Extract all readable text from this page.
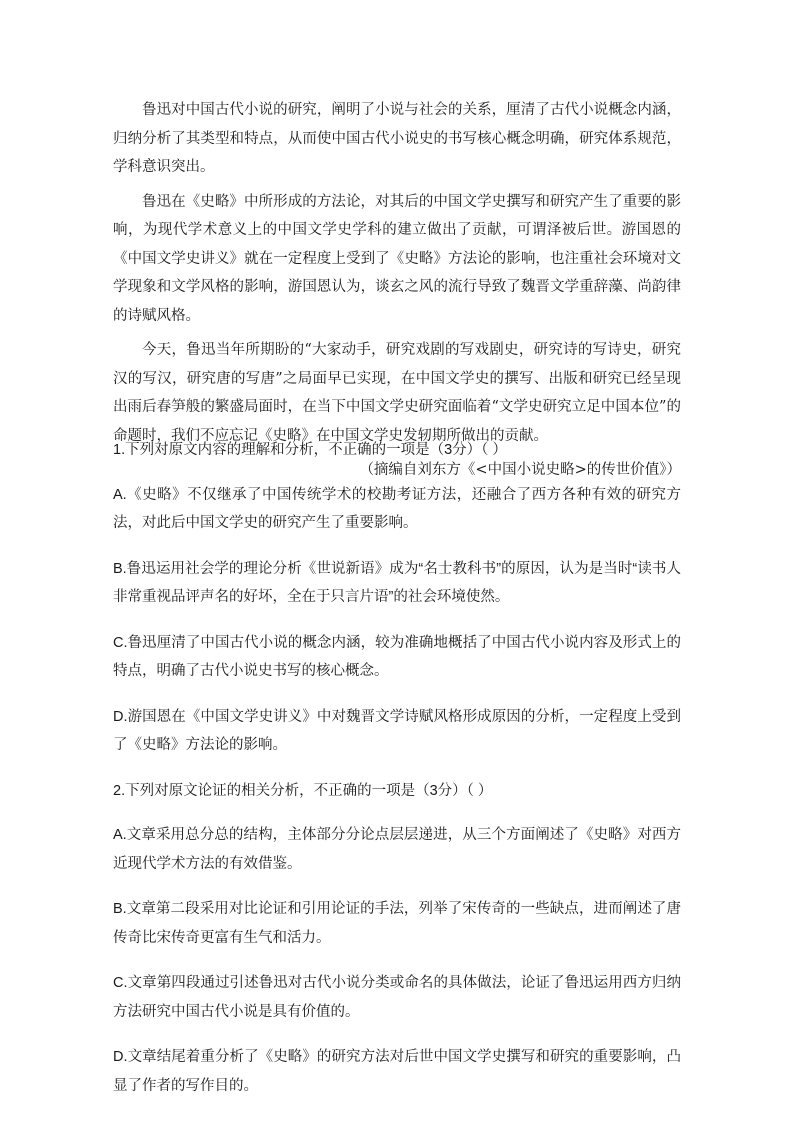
鲁迅对中国古代小说的研究，阐明了小说与社会的关系，厘清了古代小说概念内涵，归纳分析了其类型和特点，从而使中国古代小说史的书写核心概念明确，研究体系规范，学科意识突出。

鲁迅在《史略》中所形成的方法论，对其后的中国文学史撰写和研究产生了重要的影响，为现代学术意义上的中国文学史学科的建立做出了贡献，可谓泽被后世。游国恩的《中国文学史讲义》就在一定程度上受到了《史略》方法论的影响，也注重社会环境对文学现象和文学风格的影响，游国恩认为，谈玄之风的流行导致了魏晋文学重辞藻、尚韵律的诗赋风格。

今天，鲁迅当年所期盼的“大家动手，研究戏剧的写戏剧史，研究诗的写诗史，研究汉的写汉，研究唐的写唐”之局面早已实现，在中国文学史的撰写、出版和研究已经呈现出雨后春笋般的繁盛局面时，在当下中国文学史研究面临着“文学史研究立足中国本位”的命题时，我们不应忘记《史略》在中国文学史发轫期所做出的贡献。

（摘编自刘东方《<中国小说史略>的传世价值》）
1.下列对原文内容的理解和分析，不正确的一项是（3分）（ ）
A.《史略》不仅继承了中国传统学术的校勘考证方法，还融合了西方各种有效的研究方法，对此后中国文学史的研究产生了重要影响。
B.鲁迅运用社会学的理论分析《世说新语》成为“名士教科书”的原因，认为是当时“读书人非常重视品评声名的好坏，全在于只言片语”的社会环境使然。
C.鲁迅厘清了中国古代小说的概念内涵，较为准确地概括了中国古代小说内容及形式上的特点，明确了古代小说史书写的核心概念。
D.游国恩在《中国文学史讲义》中对魏晋文学诗赋风格形成原因的分析，一定程度上受到了《史略》方法论的影响。
2.下列对原文论证的相关分析，不正确的一项是（3分）（ ）
A.文章采用总分总的结构，主体部分分论点层层递进，从三个方面阐述了《史略》对西方近现代学术方法的有效借鉴。
B.文章第二段采用对比论证和引用论证的手法，列举了宋传奇的一些缺点，进而阐述了唐传奇比宋传奇更富有生气和活力。
C.文章第四段通过引述鲁迅对古代小说分类或命名的具体做法，论证了鲁迅运用西方归纳方法研究中国古代小说是具有价值的。
D.文章结尾着重分析了《史略》的研究方法对后世中国文学史撰写和研究的重要影响，凸显了作者的写作目的。
